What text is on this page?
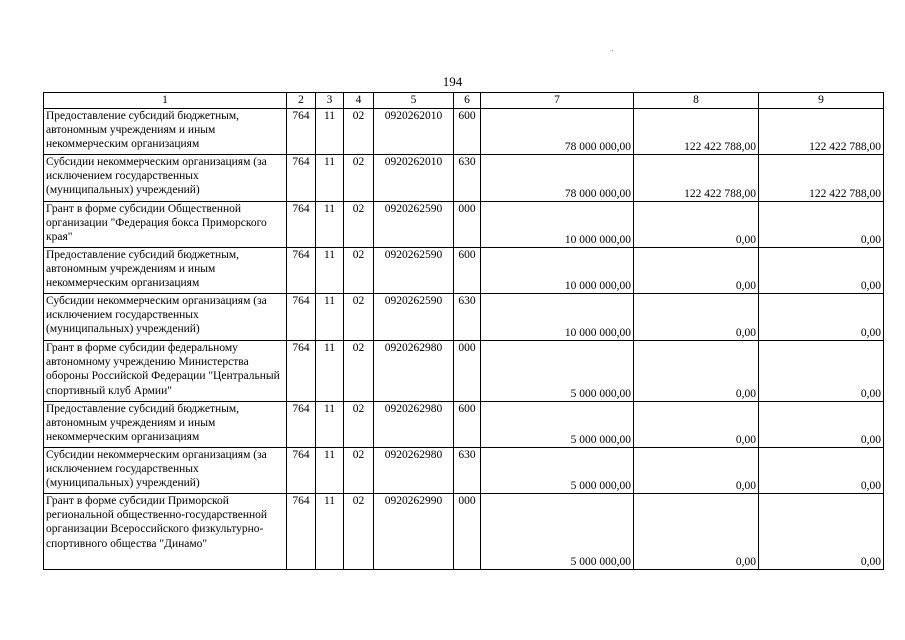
194
1	2	3	4	5	6	7	8	9
Предоставление субсидий бюджетным, автономным учреждениям и иным некоммерческим организациям	764	11	02	0920262010	600	78 000 000,00	122 422 788,00	122 422 788,00

Субсидии некоммерческим организациям (за исключением государственных (муниципальных) учреждений)	764	11	02	0920262010	630	78 000 000,00	122 422 788,00	122 422 788,00

Грант в форме субсидии Общественной организации "Федерация бокса Приморского края"	764	11	02	0920262590	000	10 000 000,00	0,00	0,00

Предоставление субсидий бюджетным, автономным учреждениям и иным некоммерческим организациям	764	11	02	0920262590	600	10 000 000,00	0,00	0,00

Субсидии некоммерческим организациям (за исключением государственных (муниципальных) учреждений)	764	11	02	0920262590	630	10 000 000,00	0,00	0,00

Грант в форме субсидии федеральному автономному учреждению Министерства обороны Российской Федерации "Центральный спортивный клуб Армии"	764	11	02	0920262980	000	5 000 000,00	0,00	0,00

Предоставление субсидий бюджетным, автономным учреждениям и иным некоммерческим организациям	764	11	02	0920262980	600	5 000 000,00	0,00	0,00

Субсидии некоммерческим организациям (за исключением государственных (муниципальных) учреждений)	764	11	02	0920262980	630	5 000 000,00	0,00	0,00

Грант в форме субсидии Приморской региональной общественно-государственной организации Всероссийского физкультурно-спортивного общества "Динамо"	764	11	02	0920262990	000	5 000 000,00	0,00	0,00
